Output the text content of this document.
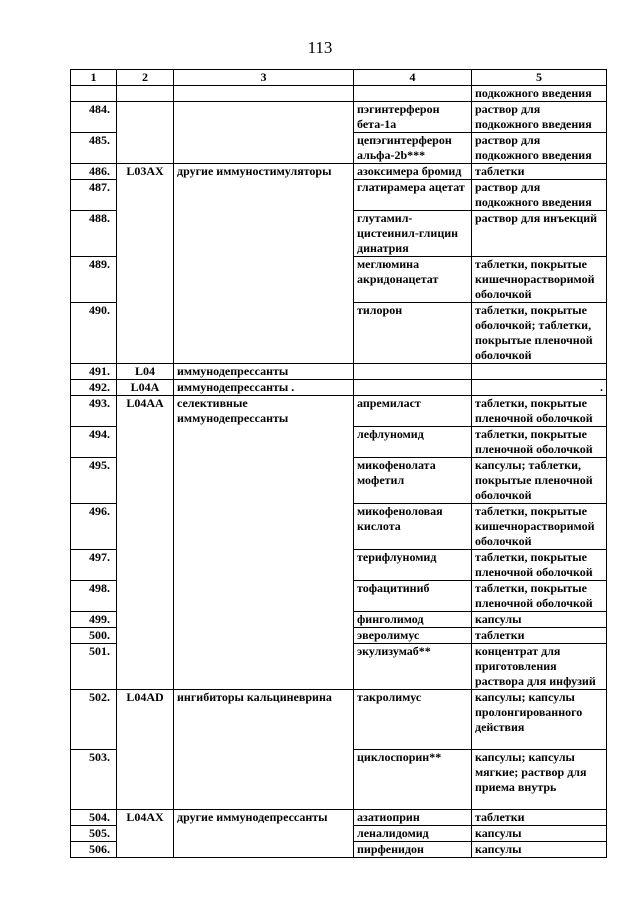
113
1	2	3	4	5
				подкожного введения
484.			пэгинтерферон бета-1а	раствор для подкожного введения
485.			цепэгинтерферон альфа-2b***	раствор для подкожного введения
486.	L03AX	другие иммуностимуляторы	азоксимера бромид	таблетки
487.			глатирамера ацетат	раствор для подкожного введения
488.			глутамил-цистеинил-глицин динатрия	раствор для инъекций
489.			меглюмина акридонацетат	таблетки, покрытые кишечнорастворимой оболочкой
490.			тилорон	таблетки, покрытые оболочкой; таблетки, покрытые пленочной оболочкой
491.	L04	иммунодепрессанты		
492.	L04A	иммунодепрессанты .		.
493.	L04AA	селективные иммунодепрессанты	апремиласт	таблетки, покрытые пленочной оболочкой
494.			лефлуномид	таблетки, покрытые пленочной оболочкой
495.			микофенолата мофетил	капсулы; таблетки, покрытые пленочной оболочкой
496.			микофеноловая кислота	таблетки, покрытые кишечнорастворимой оболочкой
497.			терифлуномид	таблетки, покрытые пленочной оболочкой
498.			тофацитиниб	таблетки, покрытые пленочной оболочкой
499.			финголимод	капсулы
500.			эверолимус	таблетки
501.			экулизумаб**	концентрат для приготовления раствора для инфузий
502.	L04AD	ингибиторы кальциневрина	такролимус	капсулы; капсулы пролонгированного действия
503.			циклоспорин**	капсулы; капсулы мягкие; раствор для приема внутрь
504.	L04AX	другие иммунодепрессанты	азатиоприн	таблетки
505.			леналидомид	капсулы
506.			пирфенидон	капсулы
